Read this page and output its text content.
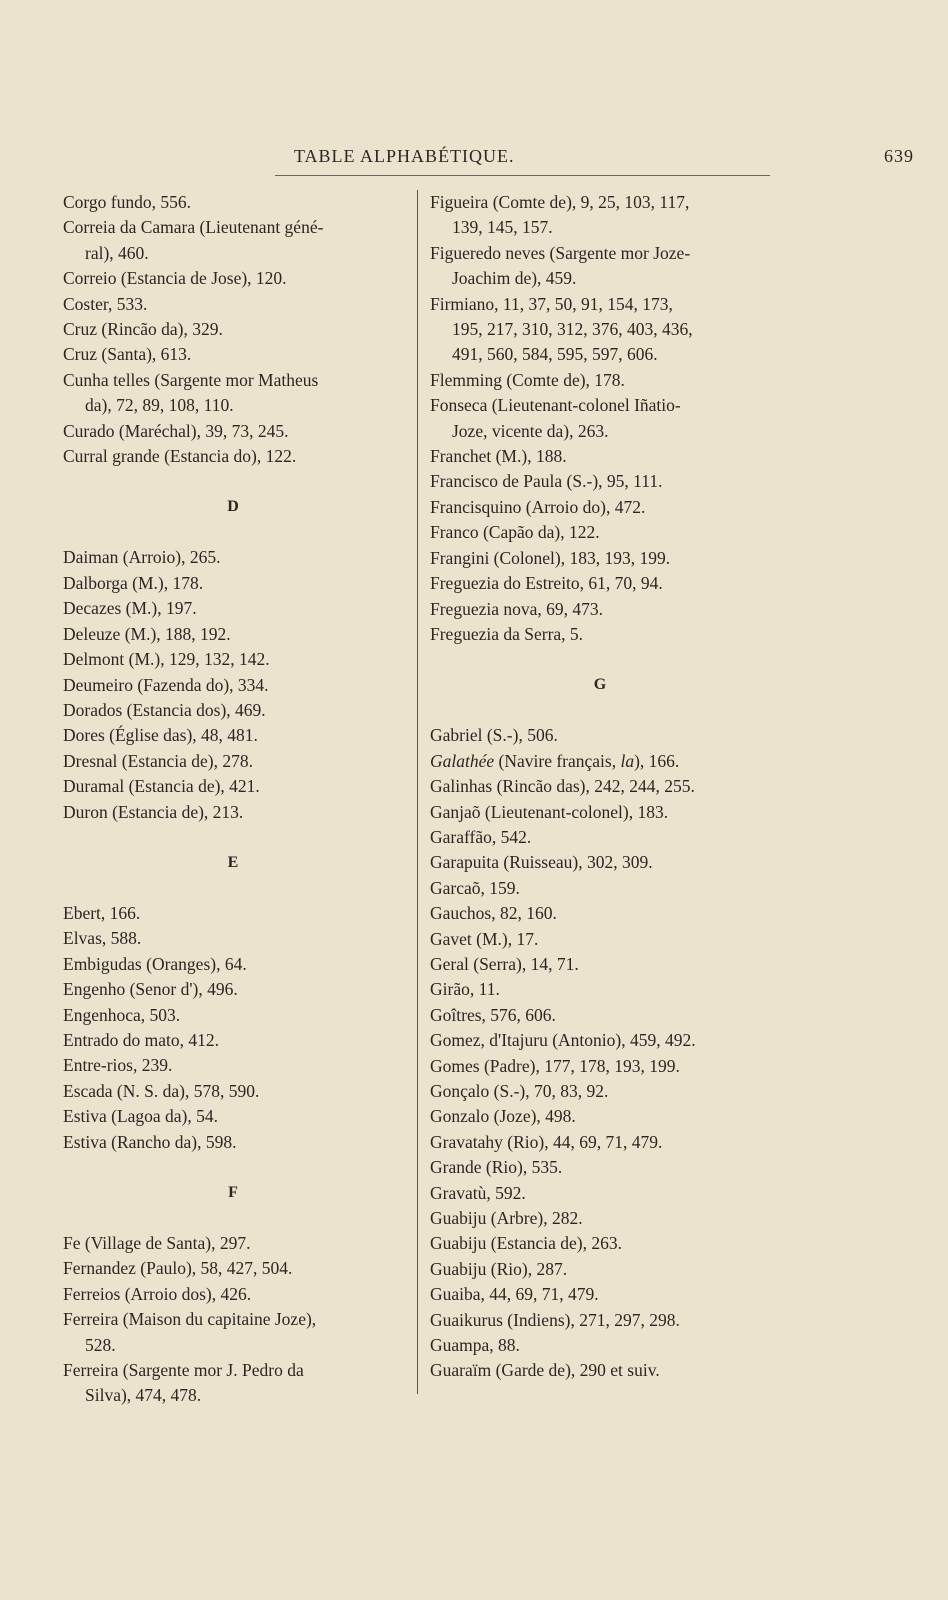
TABLE ALPHABÉTIQUE.	639
Corgo fundo, 556.
Correia da Camara (Lieutenant géné-
ral), 460.
Correio (Estancia de Jose), 120.
Coster, 533.
Cruz (Rincão da), 329.
Cruz (Santa), 613.
Cunha telles (Sargente mor Matheus
da), 72, 89, 108, 110.
Curado (Maréchal), 39, 73, 245.
Curral grande (Estancia do), 122.
D
Daiman (Arroio), 265.
Dalborga (M.), 178.
Decazes (M.), 197.
Deleuze (M.), 188, 192.
Delmont (M.), 129, 132, 142.
Deumeiro (Fazenda do), 334.
Dorados (Estancia dos), 469.
Dores (Église das), 48, 481.
Dresnal (Estancia de), 278.
Duramal (Estancia de), 421.
Duron (Estancia de), 213.
E
Ebert, 166.
Elvas, 588.
Embigudas (Oranges), 64.
Engenho (Senor d'), 496.
Engenhoca, 503.
Entrado do mato, 412.
Entre-rios, 239.
Escada (N. S. da), 578, 590.
Estiva (Lagoa da), 54.
Estiva (Rancho da), 598.
F
Fe (Village de Santa), 297.
Fernandez (Paulo), 58, 427, 504.
Ferreios (Arroio dos), 426.
Ferreira (Maison du capitaine Joze),
528.
Ferreira (Sargente mor J. Pedro da
Silva), 474, 478.
Figueira (Comte de), 9, 25, 103, 117,
139, 145, 157.
Figueredo neves (Sargente mor Joze-
Joachim de), 459.
Firmiano, 11, 37, 50, 91, 154, 173,
195, 217, 310, 312, 376, 403, 436,
491, 560, 584, 595, 597, 606.
Flemming (Comte de), 178.
Fonseca (Lieutenant-colonel Iñatio-
Joze, vicente da), 263.
Franchet (M.), 188.
Francisco de Paula (S.-), 95, 111.
Francisquino (Arroio do), 472.
Franco (Capão da), 122.
Frangini (Colonel), 183, 193, 199.
Freguezia do Estreito, 61, 70, 94.
Freguezia nova, 69, 473.
Freguezia da Serra, 5.
G
Gabriel (S.-), 506.
Galathée (Navire français, la), 166.
Galinhas (Rincão das), 242, 244, 255.
Ganjaõ (Lieutenant-colonel), 183.
Garaffão, 542.
Garapuita (Ruisseau), 302, 309.
Garcaõ, 159.
Gauchos, 82, 160.
Gavet (M.), 17.
Geral (Serra), 14, 71.
Girão, 11.
Goîtres, 576, 606.
Gomez, d'Itajuru (Antonio), 459, 492.
Gomes (Padre), 177, 178, 193, 199.
Gonçalo (S.-), 70, 83, 92.
Gonzalo (Joze), 498.
Gravatahy (Rio), 44, 69, 71, 479.
Grande (Rio), 535.
Gravatù, 592.
Guabiju (Arbre), 282.
Guabiju (Estancia de), 263.
Guabiju (Rio), 287.
Guaiba, 44, 69, 71, 479.
Guaikurus (Indiens), 271, 297, 298.
Guampa, 88.
Guaraïm (Garde de), 290 et suiv.
